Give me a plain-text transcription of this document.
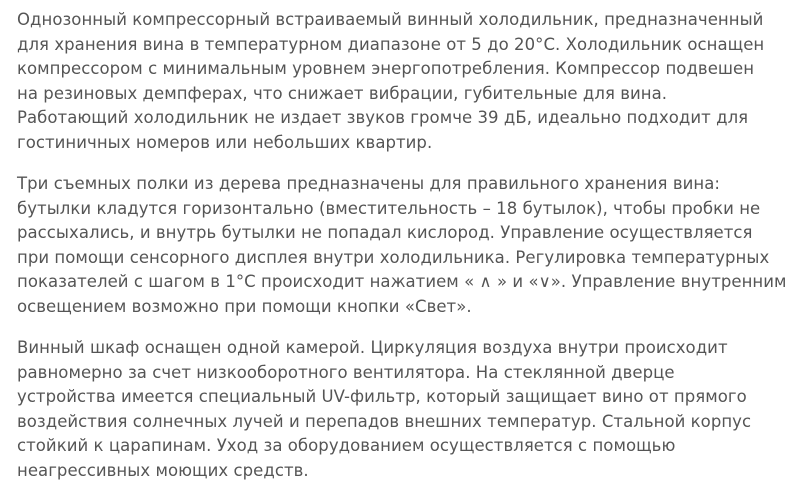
Однозонный компрессорный встраиваемый винный холодильник, предназначенный
для хранения вина в температурном диапазоне от 5 до 20°С. Холодильник оснащен
компрессором с минимальным уровнем энергопотребления. Компрессор подвешен
на резиновых демпферах, что снижает вибрации, губительные для вина.
Работающий холодильник не издает звуков громче 39 дБ, идеально подходит для
гостиничных номеров или небольших квартир.

Три съемных полки из дерева предназначены для правильного хранения вина:
бутылки кладутся горизонтально (вместительность – 18 бутылок), чтобы пробки не
рассыхались, и внутрь бутылки не попадал кислород. Управление осуществляется
при помощи сенсорного дисплея внутри холодильника. Регулировка температурных
показателей с шагом в 1°С происходит нажатием « ∧ » и «∨». Управление внутренним
освещением возможно при помощи кнопки «Свет».

Винный шкаф оснащен одной камерой. Циркуляция воздуха внутри происходит
равномерно за счет низкооборотного вентилятора. На стеклянной дверце
устройства имеется специальный UV-фильтр, который защищает вино от прямого
воздействия солнечных лучей и перепадов внешних температур. Стальной корпус
стойкий к царапинам. Уход за оборудованием осуществляется с помощью
неагрессивных моющих средств.
